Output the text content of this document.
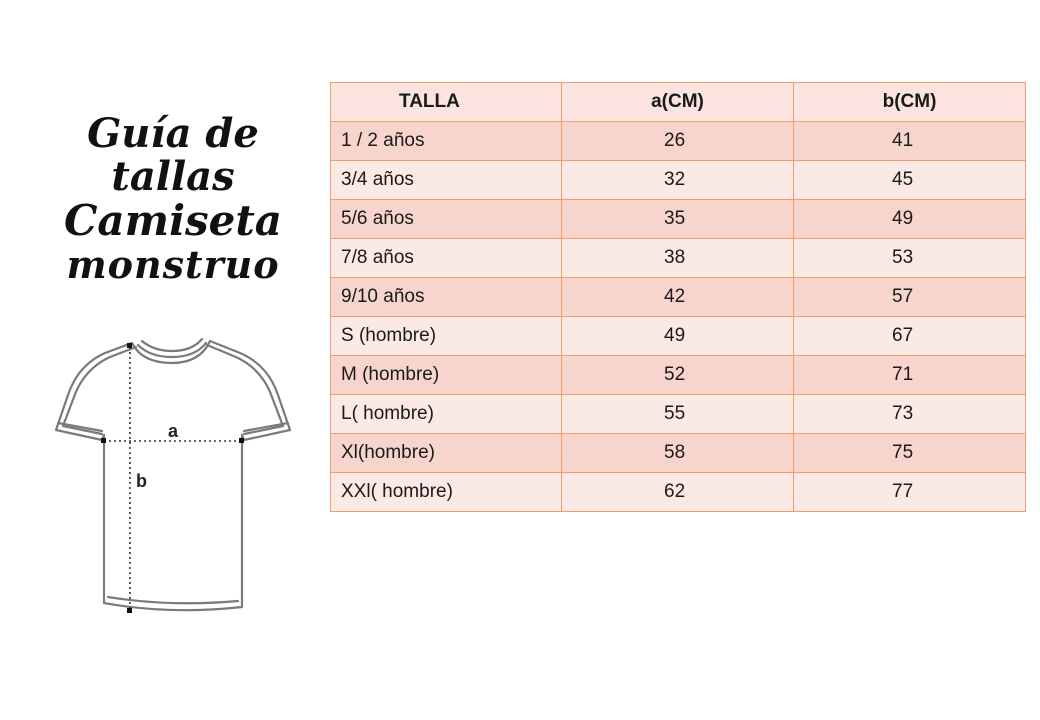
Guía de tallas
Camiseta
monstruo
a
b
TALLA	a(CM)	b(CM)
1 / 2 años	26	41
3/4 años	32	45
5/6 años	35	49
7/8 años	38	53
9/10 años	42	57
S (hombre)	49	67
M (hombre)	52	71
L( hombre)	55	73
Xl(hombre)	58	75
XXl( hombre)	62	77
